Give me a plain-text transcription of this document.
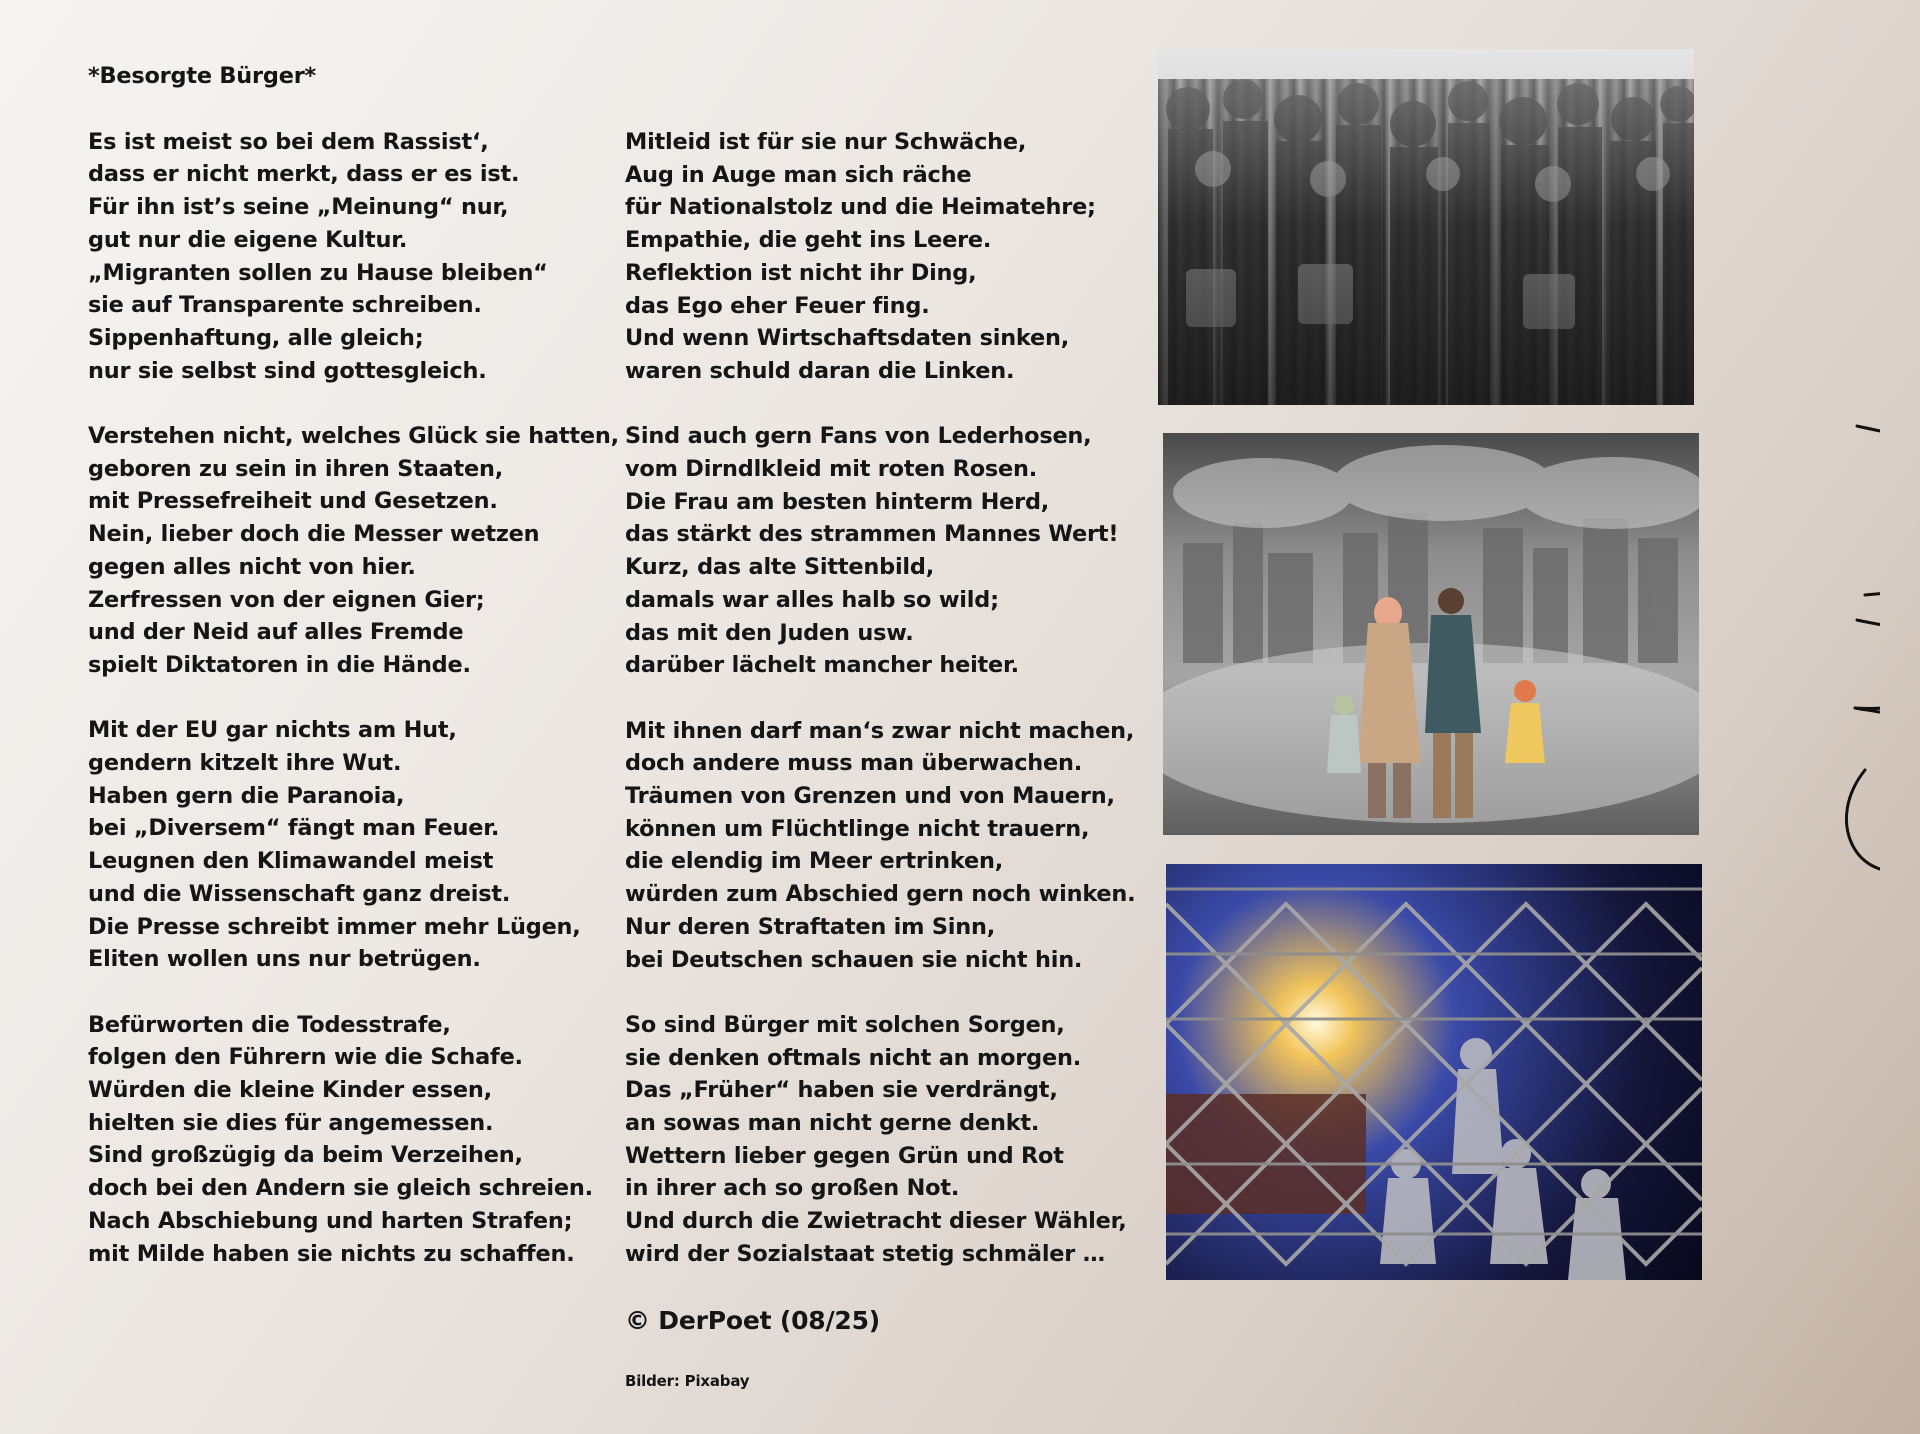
*Besorgte Bürger*
Es ist meist so bei dem Rassist‘,
dass er nicht merkt, dass er es ist.
Für ihn ist’s seine „Meinung“ nur,
gut nur die eigene Kultur.
„Migranten sollen zu Hause bleiben“
sie auf Transparente schreiben.
Sippenhaftung, alle gleich;
nur sie selbst sind gottesgleich.
Verstehen nicht, welches Glück sie hatten,
geboren zu sein in ihren Staaten,
mit Pressefreiheit und Gesetzen.
Nein, lieber doch die Messer wetzen
gegen alles nicht von hier.
Zerfressen von der eignen Gier;
und der Neid auf alles Fremde
spielt Diktatoren in die Hände.
Mit der EU gar nichts am Hut,
gendern kitzelt ihre Wut.
Haben gern die Paranoia,
bei „Diversem“ fängt man Feuer.
Leugnen den Klimawandel meist
und die Wissenschaft ganz dreist.
Die Presse schreibt immer mehr Lügen,
Eliten wollen uns nur betrügen.
Befürworten die Todesstrafe,
folgen den Führern wie die Schafe.
Würden die kleine Kinder essen,
hielten sie dies für angemessen.
Sind großzügig da beim Verzeihen,
doch bei den Andern sie gleich schreien.
Nach Abschiebung und harten Strafen;
mit Milde haben sie nichts zu schaffen.
Mitleid ist für sie nur Schwäche,
Aug in Auge man sich räche
für Nationalstolz und die Heimatehre;
Empathie, die geht ins Leere.
Reflektion ist nicht ihr Ding,
das Ego eher Feuer fing.
Und wenn Wirtschaftsdaten sinken,
waren schuld daran die Linken.
Sind auch gern Fans von Lederhosen,
vom Dirndlkleid mit roten Rosen.
Die Frau am besten hinterm Herd,
das stärkt des strammen Mannes Wert!
Kurz, das alte Sittenbild,
damals war alles halb so wild;
das mit den Juden usw.
darüber lächelt mancher heiter.
Mit ihnen darf man‘s zwar nicht machen,
doch andere muss man überwachen.
Träumen von Grenzen und von Mauern,
können um Flüchtlinge nicht trauern,
die elendig im Meer ertrinken,
würden zum Abschied gern noch winken.
Nur deren Straftaten im Sinn,
bei Deutschen schauen sie nicht hin.
So sind Bürger mit solchen Sorgen,
sie denken oftmals nicht an morgen.
Das „Früher“ haben sie verdrängt,
an sowas man nicht gerne denkt.
Wettern lieber gegen Grün und Rot
in ihrer ach so großen Not.
Und durch die Zwietracht dieser Wähler,
wird der Sozialstaat stetig schmäler …
© DerPoet (08/25)
Bilder: Pixabay
